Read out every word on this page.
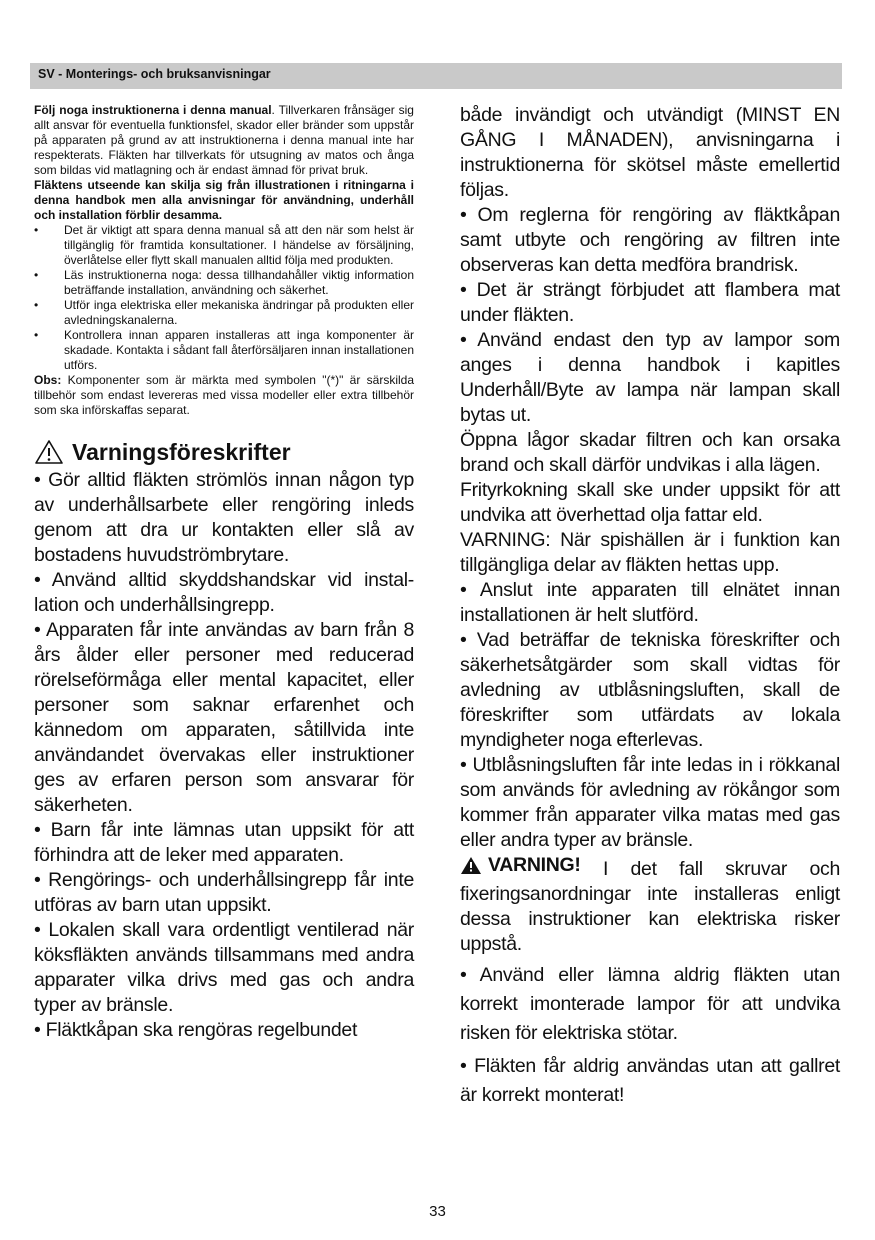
SV - Monterings- och bruksanvisningar

Följ noga instruktionerna i denna manual. Tillverkaren frånsäger sig allt ansvar för eventuella funktionsfel, skador eller bränder som uppstår på apparaten på grund av att instruktionerna i denna manual inte har respekterats. Fläkten har tillverkats för utsugning av matos och ånga som bildas vid matlagning och är endast ämnad för privat bruk.

Fläktens utseende kan skilja sig från illustrationen i ritningarna i denna handbok men alla anvisningar för användning, underhåll och installation förblir desamma.

• Det är viktigt att spara denna manual så att den när som helst är tillgänglig för framtida konsultationer. I händelse av försäljning, överlåtelse eller flytt skall manualen alltid följa med produkten.
• Läs instruktionerna noga: dessa tillhandahåller viktig information beträffande installation, användning och säkerhet.
• Utför inga elektriska eller mekaniska ändringar på produkten eller avledningskanalerna.
• Kontrollera innan apparen installeras att inga komponenter är skadade. Kontakta i sådant fall återförsäljaren innan installationen utförs.

Obs: Komponenter som är märkta med symbolen "(*)" är särskilda tillbehör som endast levereras med vissa modeller eller extra tillbehör som ska införskaffas separat.

Varningsföreskrifter

• Gör alltid fläkten strömlös innan någon typ av underhållsarbete eller rengöring inleds genom att dra ur kontakten eller slå av bostadens huvudströmbrytare.

• Använd alltid skyddshandskar vid instal-lation och underhållsingrepp.

• Apparaten får inte användas av barn från 8 års ålder eller personer med reducerad rörelseförmåga eller mental kapacitet, eller personer som saknar erfarenhet och kännedom om apparaten, såtillvida inte användandet övervakas eller instruktioner ges av erfaren person som ansvarar för säkerheten.

• Barn får inte lämnas utan uppsikt för att förhindra att de leker med apparaten.

• Rengörings- och underhållsingrepp får inte utföras av barn utan uppsikt.

• Lokalen skall vara ordentligt ventilerad när köksfläkten används tillsammans med andra apparater vilka drivs med gas och andra typer av bränsle.

• Fläktkåpan ska rengöras regelbundet

både invändigt och utvändigt (MINST EN GÅNG I MÅNADEN), anvisningarna i instruktionerna för skötsel måste emellertid följas.

• Om reglerna för rengöring av fläktkåpan samt utbyte och rengöring av filtren inte observeras kan detta medföra brandrisk.

• Det är strängt förbjudet att flambera mat under fläkten.

• Använd endast den typ av lampor som anges i denna handbok i kapitles Underhåll/Byte av lampa när lampan skall bytas ut.

Öppna lågor skadar filtren och kan orsaka brand och skall därför undvikas i alla lägen.

Frityrkokning skall ske under uppsikt för att undvika att överhettad olja fattar eld.

VARNING: När spishällen är i funktion kan tillgängliga delar av fläkten hettas upp.

• Anslut inte apparaten till elnätet innan installationen är helt slutförd.

• Vad beträffar de tekniska föreskrifter och säkerhetsåtgärder som skall vidtas för avledning av utblåsningsluften, skall de föreskrifter som utfärdats av lokala myndigheter noga efterlevas.

• Utblåsningsluften får inte ledas in i rökkanal som används för avledning av rökångor som kommer från apparater vilka matas med gas eller andra typer av bränsle.

VARNING! I det fall skruvar och fixeringsanordningar inte installeras enligt dessa instruktioner kan elektriska risker uppstå.

• Använd eller lämna aldrig fläkten utan korrekt imonterade lampor för att undvika risken för elektriska stötar.

• Fläkten får aldrig användas utan att gallret är korrekt monterat!

33
